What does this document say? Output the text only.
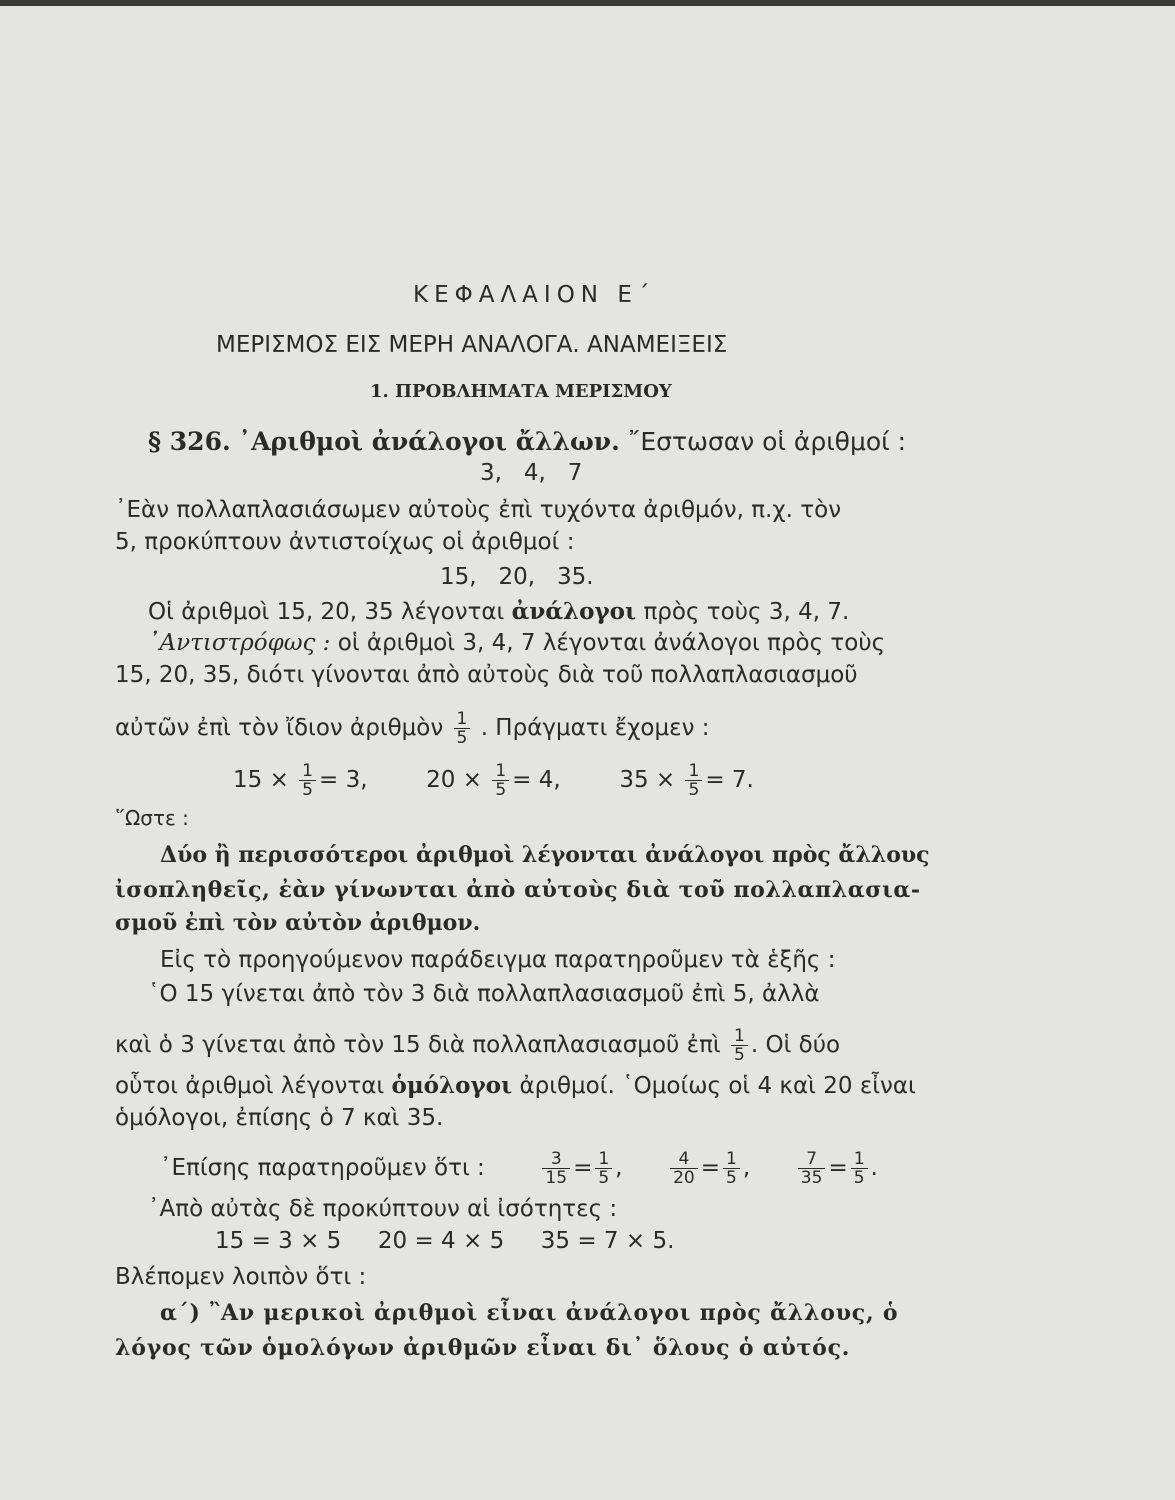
ΚΕΦΑΛΑΙΟΝ Ε΄
ΜΕΡΙΣΜΟΣ ΕΙΣ ΜΕΡΗ ΑΝΑΛΟΓΑ. ΑΝΑΜΕΙΞΕΙΣ
1. ΠΡΟΒΛΗΜΑΤΑ ΜΕΡΙΣΜΟΥ
§ 326. ᾿Αριθμοὶ ἀνάλογοι ἄλλων. ῎Εστωσαν οἱ ἀριθμοί :
3,   4,   7
᾿Εὰν πολλαπλασιάσωμεν αὐτοὺς ἐπὶ τυχόντα ἀριθμόν, π.χ. τὸν
5, προκύπτουν ἀντιστοίχως οἱ ἀριθμοί :
15,   20,   35.
Οἱ ἀριθμοὶ 15, 20, 35 λέγονται ἀνάλογοι πρὸς τοὺς 3, 4, 7.
᾿Αντιστρόφως : οἱ ἀριθμοὶ 3, 4, 7 λέγονται ἀνάλογοι πρὸς τοὺς
15, 20, 35, διότι γίνονται ἀπὸ αὐτοὺς διὰ τοῦ πολλαπλασιασμοῦ
αὐτῶν ἐπὶ τὸν ἴδιον ἀριθμὸν $\frac{1}{5}$ . Πράγματι ἔχομεν :
$15 \times \frac{1}{5} = 3$,	$20 \times \frac{1}{5} = 4$,	$35 \times \frac{1}{5} = 7$.
῞Ωστε :
Δύο ἢ περισσότεροι ἀριθμοὶ λέγονται ἀνάλογοι πρὸς ἄλλους
ἰσοπληθεῖς, ἐὰν γίνωνται ἀπὸ αὐτοὺς διὰ τοῦ πολλαπλασια-
σμοῦ ἐπὶ τὸν αὐτὸν ἀριθμον.
Εἰς τὸ προηγούμενον παράδειγμα παρατηροῦμεν τὰ ἑξῆς :
῾Ο 15 γίνεται ἀπὸ τὸν 3 διὰ πολλαπλασιασμοῦ ἐπὶ 5, ἀλλὰ
καὶ ὁ 3 γίνεται ἀπὸ τὸν 15 διὰ πολλαπλασιασμοῦ ἐπὶ $\frac{1}{5}$ . Οἱ δύο
οὗτοι ἀριθμοὶ λέγονται ὁμόλογοι ἀριθμοί. ῾Ομοίως οἱ 4 καὶ 20 εἶναι
ὁμόλογοι, ἐπίσης ὁ 7 καὶ 35.
᾿Επίσης παρατηροῦμεν ὅτι :	$\frac{3}{15} = \frac{1}{5}$ ,	$\frac{4}{20} = \frac{1}{5}$ ,	$\frac{7}{35} = \frac{1}{5}$ .
᾿Απὸ αὐτὰς δὲ προκύπτουν αἱ ἰσότητες :
15 = 3 × 5     20 = 4 × 5     35 = 7 × 5.
Βλέπομεν λοιπὸν ὅτι :
α΄) ῍Αν μερικοὶ ἀριθμοὶ εἶναι ἀνάλογοι πρὸς ἄλλους, ὁ
λόγος τῶν ὁμολόγων ἀριθμῶν εἶναι δι᾿ ὅλους ὁ αὐτός.
